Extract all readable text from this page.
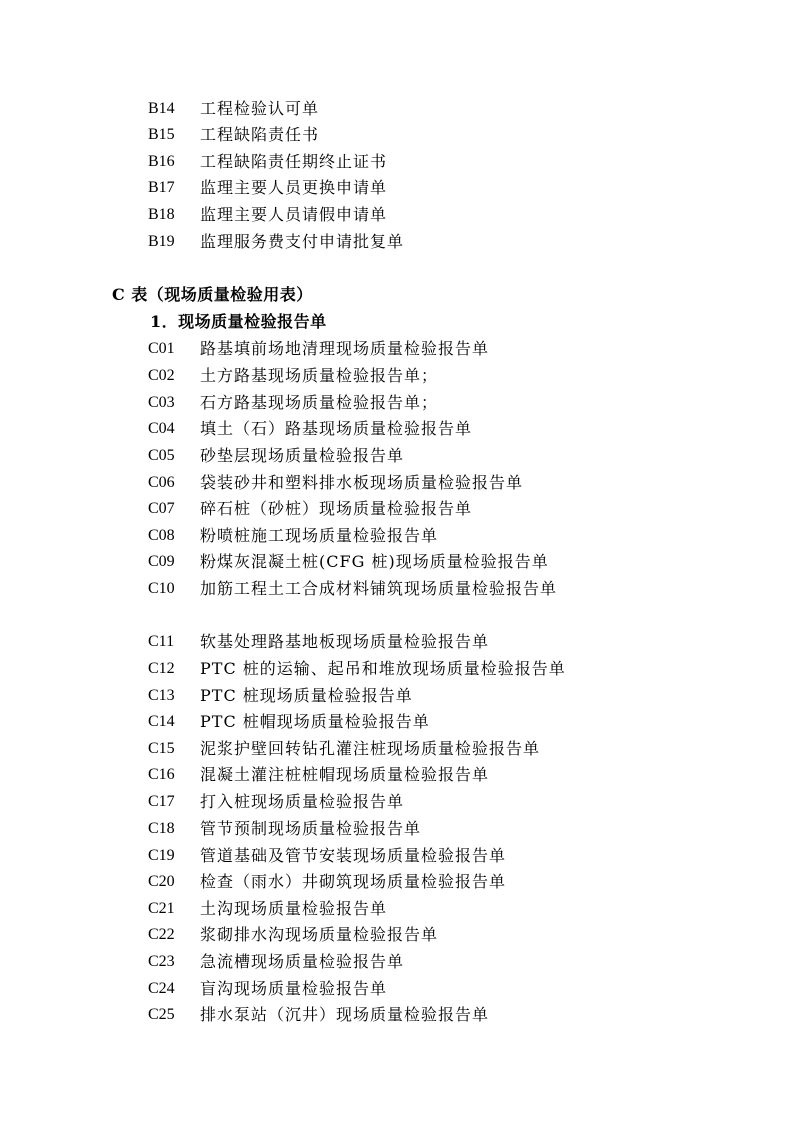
B14 工程检验认可单
B15 工程缺陷责任书
B16 工程缺陷责任期终止证书
B17 监理主要人员更换申请单
B18 监理主要人员请假申请单
B19 监理服务费支付申请批复单
C 表（现场质量检验用表）
1．现场质量检验报告单
C01 路基填前场地清理现场质量检验报告单
C02 土方路基现场质量检验报告单；
C03 石方路基现场质量检验报告单；
C04 填土（石）路基现场质量检验报告单
C05 砂垫层现场质量检验报告单
C06 袋装砂井和塑料排水板现场质量检验报告单
C07 碎石桩（砂桩）现场质量检验报告单
C08 粉喷桩施工现场质量检验报告单
C09 粉煤灰混凝土桩(CFG 桩)现场质量检验报告单
C10 加筋工程土工合成材料铺筑现场质量检验报告单
C11 软基处理路基地板现场质量检验报告单
C12 PTC 桩的运输、起吊和堆放现场质量检验报告单
C13 PTC 桩现场质量检验报告单
C14 PTC 桩帽现场质量检验报告单
C15 泥浆护壁回转钻孔灌注桩现场质量检验报告单
C16 混凝土灌注桩桩帽现场质量检验报告单
C17 打入桩现场质量检验报告单
C18 管节预制现场质量检验报告单
C19 管道基础及管节安装现场质量检验报告单
C20 检查（雨水）井砌筑现场质量检验报告单
C21 土沟现场质量检验报告单
C22 浆砌排水沟现场质量检验报告单
C23 急流槽现场质量检验报告单
C24 盲沟现场质量检验报告单
C25 排水泵站（沉井）现场质量检验报告单
